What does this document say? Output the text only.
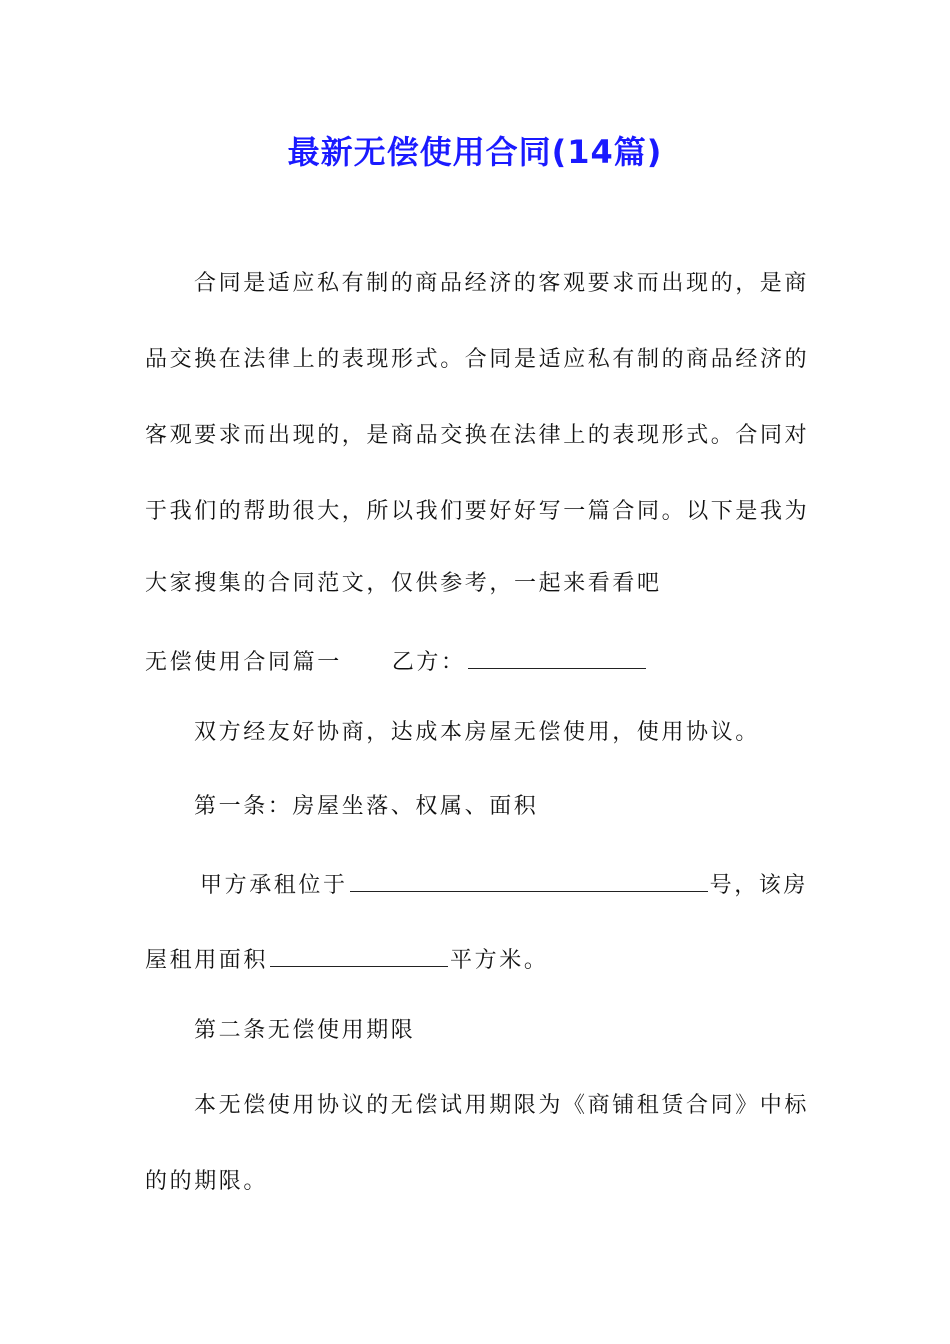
最新无偿使用合同(14篇)

合同是适应私有制的商品经济的客观要求而出现的，是商

品交换在法律上的表现形式。合同是适应私有制的商品经济的

客观要求而出现的，是商品交换在法律上的表现形式。合同对

于我们的帮助很大，所以我们要好好写一篇合同。以下是我为

大家搜集的合同范文，仅供参考，一起来看看吧

无偿使用合同篇一 乙方：

双方经友好协商，达成本房屋无偿使用，使用协议。

第一条：房屋坐落、权属、面积

甲方承租位于	号，该房

屋租用面积	平方米。

第二条无偿使用期限

本无偿使用协议的无偿试用期限为《商铺租赁合同》中标

的的期限。
